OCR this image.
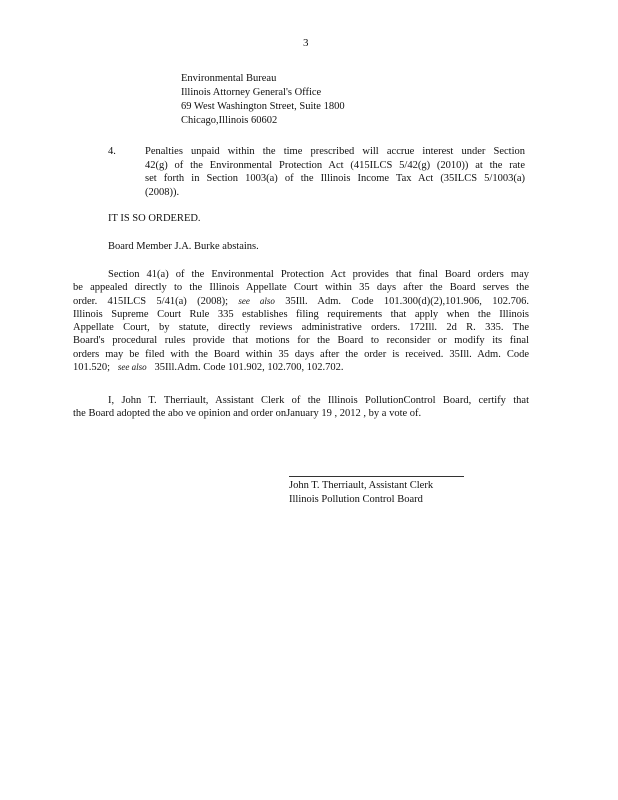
3
Environmental Bureau
Illinois Attorney General's Office
69 West Washington Street, Suite 1800
Chicago,Illinois 60602
4.	Penalties unpaid within the time prescribed will accrue interest under Section
42(g) of the Environmental Protection Act (415ILCS 5/42(g) (2010)) at the rate
set forth in Section 1003(a) of the Illinois Income Tax Act (35ILCS 5/1003(a)
(2008)).
IT IS SO ORDERED.
Board Member J.A. Burke abstains.
Section 41(a) of the Environmental Protection Act provides that final Board orders may
be appealed directly to the Illinois Appellate Court within 35 days after the Board serves the
order. 415ILCS 5/41(a) (2008); see also 35Ill. Adm. Code 101.300(d)(2),101.906, 102.706.
Illinois Supreme Court Rule 335 establishes filing requirements that apply when the Illinois
Appellate Court, by statute, directly reviews administrative orders. 172Ill. 2d R. 335. The
Board's procedural rules provide that motions for the Board to reconsider or modify its final
orders may be filed with the Board within 35 days after the order is received. 35Ill. Adm. Code
101.520; see also 35Ill.Adm. Code 101.902, 102.700, 102.702.
I, John T. Therriault, Assistant Clerk of the Illinois PollutionControl Board, certify that
the Board adopted the abo ve opinion and order onJanuary 19 , 2012 , by a vote of.
John T. Therriault, Assistant Clerk
Illinois Pollution Control Board
